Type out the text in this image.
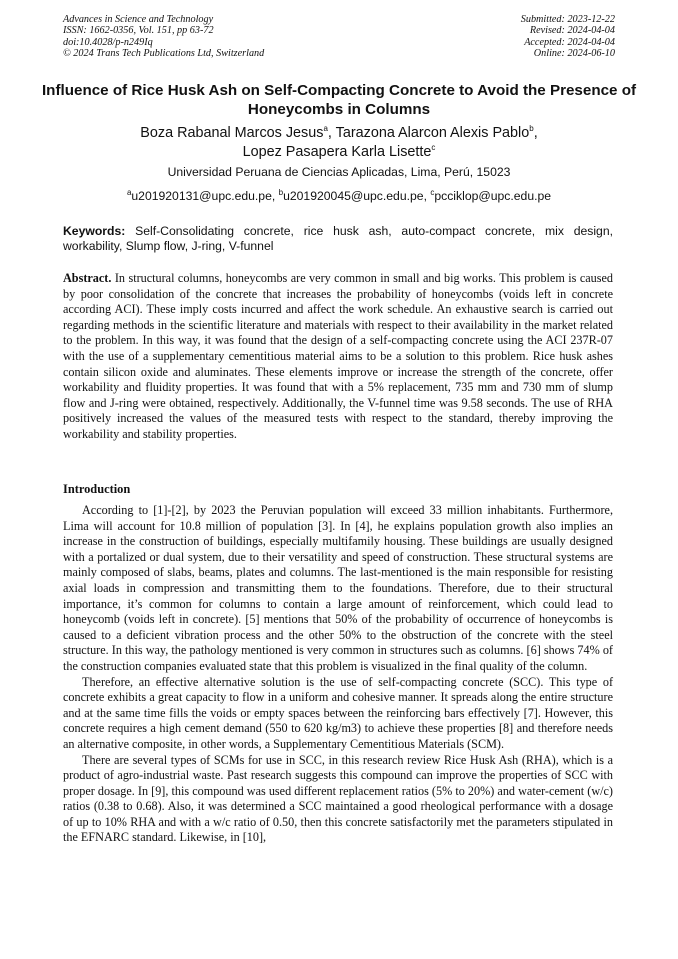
Advances in Science and Technology
ISSN: 1662-0356, Vol. 151, pp 63-72
doi:10.4028/p-n249Iq
© 2024 Trans Tech Publications Ltd, Switzerland
Submitted: 2023-12-22
Revised: 2024-04-04
Accepted: 2024-04-04
Online: 2024-06-10
Influence of Rice Husk Ash on Self-Compacting Concrete to Avoid the Presence of Honeycombs in Columns
Boza Rabanal Marcos Jesus$^a$, Tarazona Alarcon Alexis Pablo$^b$,
Lopez Pasapera Karla Lisette$^c$
Universidad Peruana de Ciencias Aplicadas, Lima, Perú, 15023
$^a$u201920131@upc.edu.pe, $^b$u201920045@upc.edu.pe, $^c$pcciklop@upc.edu.pe
Keywords: Self-Consolidating concrete, rice husk ash, auto-compact concrete, mix design, workability, Slump flow, J-ring, V-funnel
Abstract. In structural columns, honeycombs are very common in small and big works. This problem is caused by poor consolidation of the concrete that increases the probability of honeycombs (voids left in concrete according ACI). These imply costs incurred and affect the work schedule. An exhaustive search is carried out regarding methods in the scientific literature and materials with respect to their availability in the market related to the problem. In this way, it was found that the design of a self-compacting concrete using the ACI 237R-07 with the use of a supplementary cementitious material aims to be a solution to this problem. Rice husk ashes contain silicon oxide and aluminates. These elements improve or increase the strength of the concrete, offer workability and fluidity properties. It was found that with a 5% replacement, 735 mm and 730 mm of slump flow and J-ring were obtained, respectively. Additionally, the V-funnel time was 9.58 seconds. The use of RHA positively increased the values of the measured tests with respect to the standard, thereby improving the workability and stability properties.
Introduction

According to [1]-[2], by 2023 the Peruvian population will exceed 33 million inhabitants. Furthermore, Lima will account for 10.8 million of population [3]. In [4], he explains population growth also implies an increase in the construction of buildings, especially multifamily housing. These buildings are usually designed with a portalized or dual system, due to their versatility and speed of construction. These structural systems are mainly composed of slabs, beams, plates and columns. The last-mentioned is the main responsible for resisting axial loads in compression and transmitting them to the foundations. Therefore, due to their structural importance, it’s common for columns to contain a large amount of reinforcement, which could lead to honeycomb (voids left in concrete). [5] mentions that 50% of the probability of occurrence of honeycombs is caused to a deficient vibration process and the other 50% to the obstruction of the concrete with the steel structure. In this way, the pathology mentioned is very common in structures such as columns. [6] shows 74% of the construction companies evaluated state that this problem is visualized in the final quality of the column.

Therefore, an effective alternative solution is the use of self-compacting concrete (SCC). This type of concrete exhibits a great capacity to flow in a uniform and cohesive manner. It spreads along the entire structure and at the same time fills the voids or empty spaces between the reinforcing bars effectively [7]. However, this concrete requires a high cement demand (550 to 620 kg/m3) to achieve these properties [8] and therefore needs an alternative composite, in other words, a Supplementary Cementitious Materials (SCM).

There are several types of SCMs for use in SCC, in this research review Rice Husk Ash (RHA), which is a product of agro-industrial waste. Past research suggests this compound can improve the properties of SCC with proper dosage. In [9], this compound was used different replacement ratios (5% to 20%) and water-cement (w/c) ratios (0.38 to 0.68). Also, it was determined a SCC maintained a good rheological performance with a dosage of up to 10% RHA and with a w/c ratio of 0.50, then this concrete satisfactorily met the parameters stipulated in the EFNARC standard. Likewise, in [10],
